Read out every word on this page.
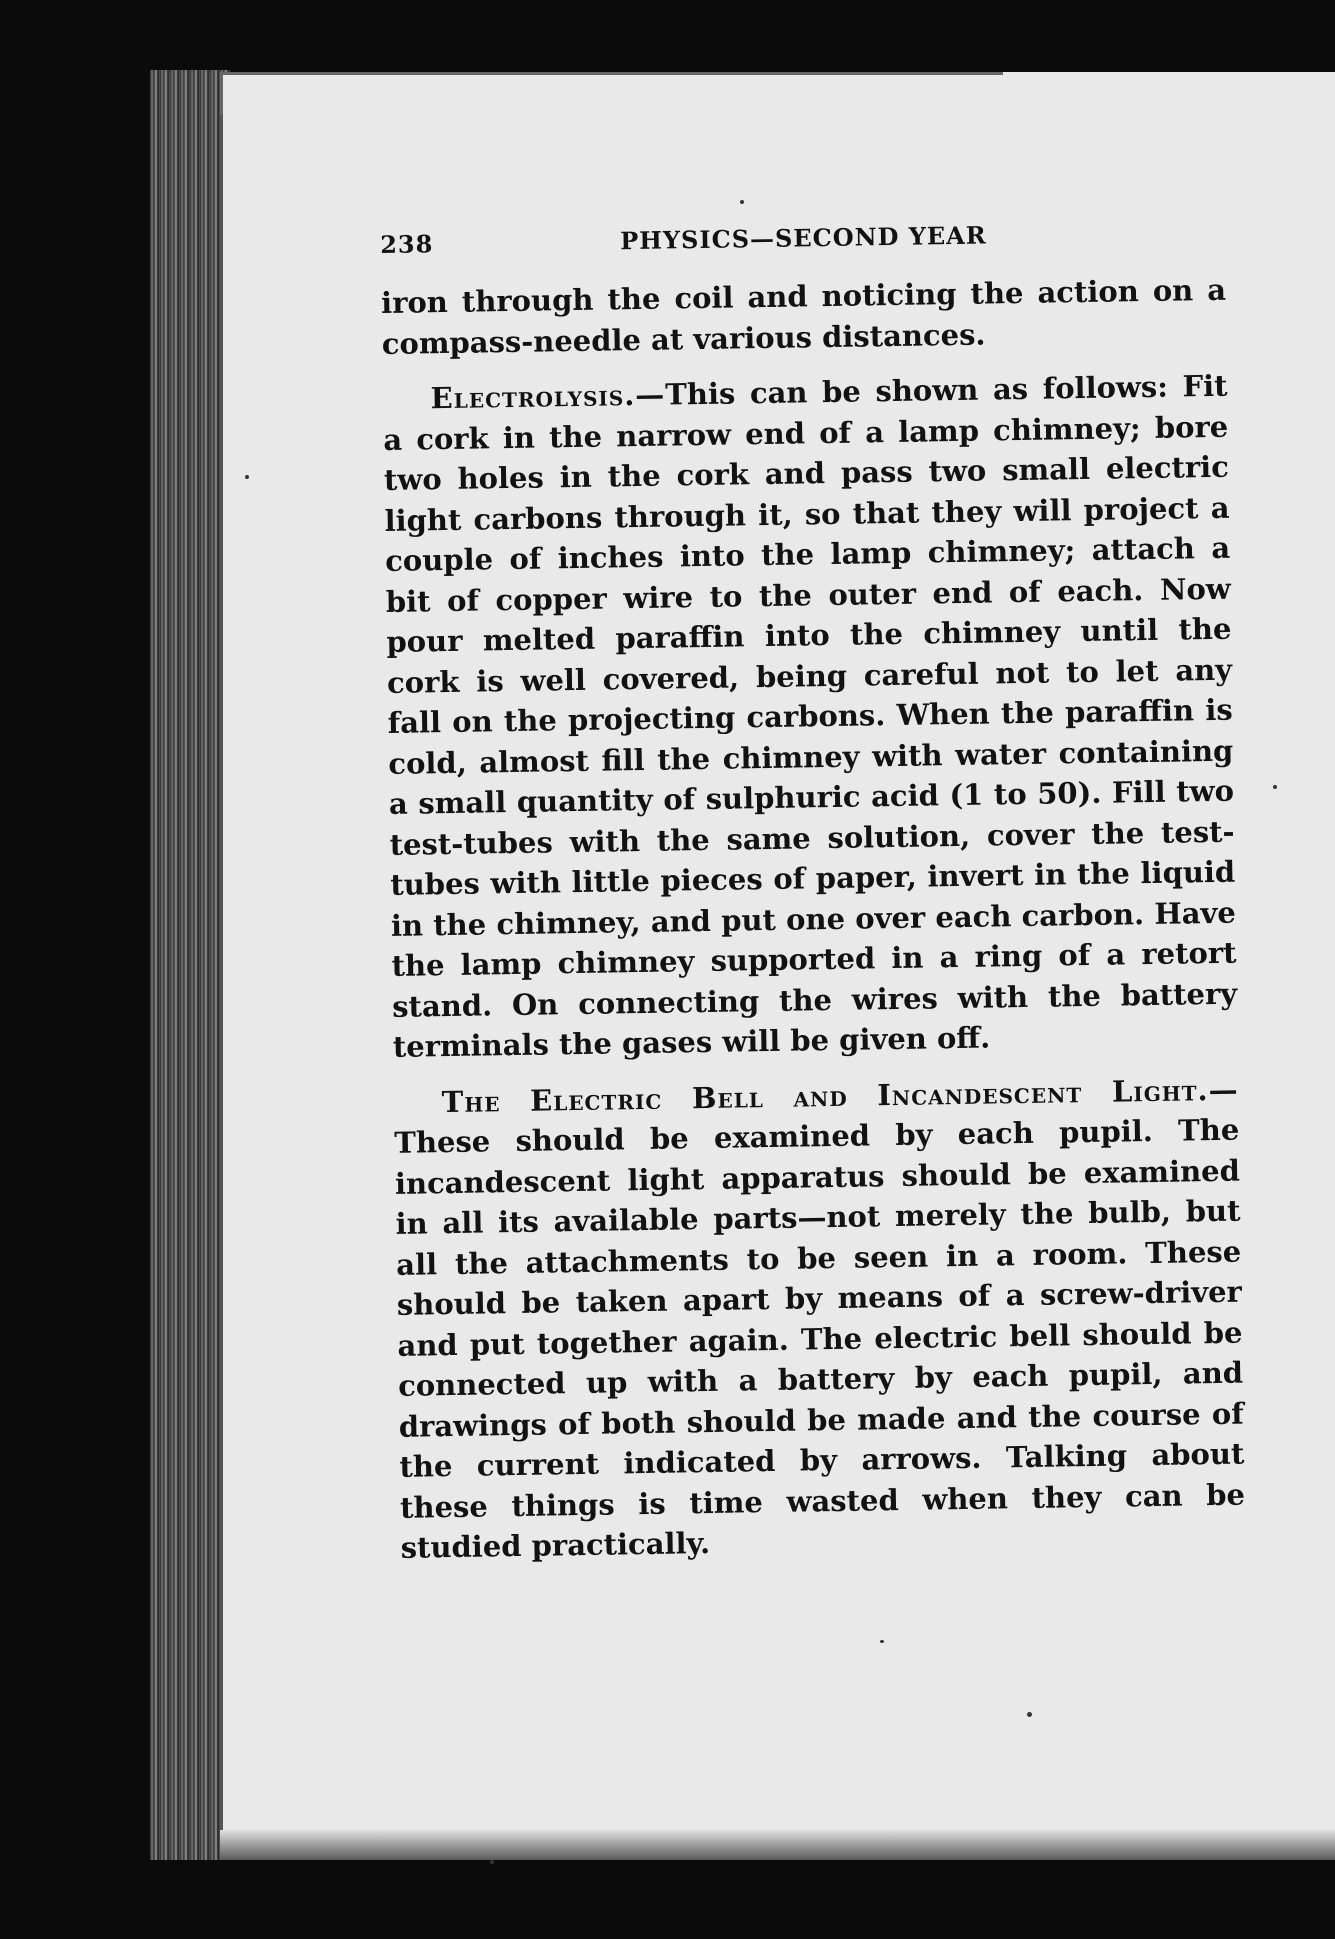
238	PHYSICS—SECOND YEAR

iron through the coil and noticing the action on a compass-needle at various distances.

Electrolysis.—This can be shown as follows: Fit a cork in the narrow end of a lamp chimney; bore two holes in the cork and pass two small electric light carbons through it, so that they will project a couple of inches into the lamp chimney; attach a bit of copper wire to the outer end of each. Now pour melted paraffin into the chimney until the cork is well covered, being careful not to let any fall on the projecting carbons. When the paraffin is cold, almost fill the chimney with water containing a small quantity of sulphuric acid (1 to 50). Fill two test-tubes with the same solution, cover the test-tubes with little pieces of paper, invert in the liquid in the chimney, and put one over each carbon. Have the lamp chimney supported in a ring of a retort stand. On connecting the wires with the battery terminals the gases will be given off.

The Electric Bell and Incandescent Light.— These should be examined by each pupil. The incandescent light apparatus should be examined in all its available parts—not merely the bulb, but all the attachments to be seen in a room. These should be taken apart by means of a screw-driver and put together again. The electric bell should be connected up with a battery by each pupil, and drawings of both should be made and the course of the current indicated by arrows. Talking about these things is time wasted when they can be studied practically.
